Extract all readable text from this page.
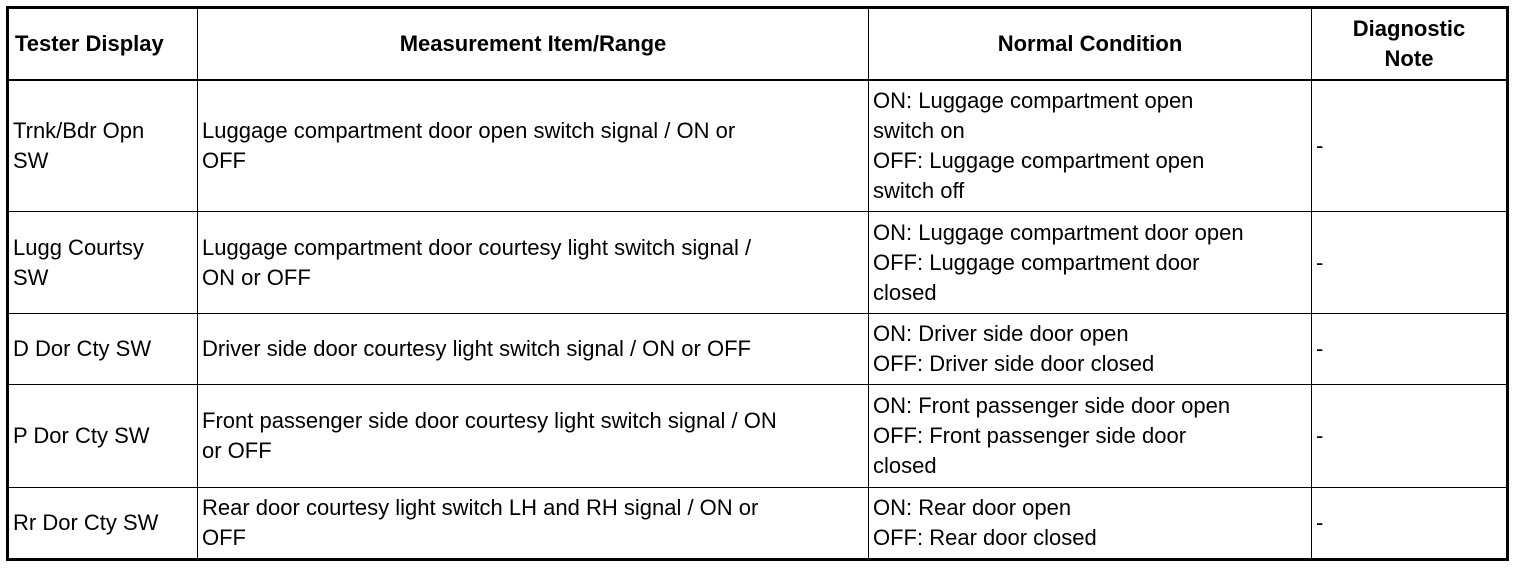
Tester Display	Measurement Item/Range	Normal Condition	Diagnostic
Note

Trnk/Bdr Opn
SW	Luggage compartment door open switch signal / ON or
OFF	ON: Luggage compartment open
switch on
OFF: Luggage compartment open
switch off	-

Lugg Courtsy
SW	Luggage compartment door courtesy light switch signal /
ON or OFF	ON: Luggage compartment door open
OFF: Luggage compartment door
closed	-

D Dor Cty SW	Driver side door courtesy light switch signal / ON or OFF	ON: Driver side door open
OFF: Driver side door closed	-

P Dor Cty SW	Front passenger side door courtesy light switch signal / ON
or OFF	ON: Front passenger side door open
OFF: Front passenger side door
closed	-

Rr Dor Cty SW	Rear door courtesy light switch LH and RH signal / ON or
OFF	ON: Rear door open
OFF: Rear door closed	-
